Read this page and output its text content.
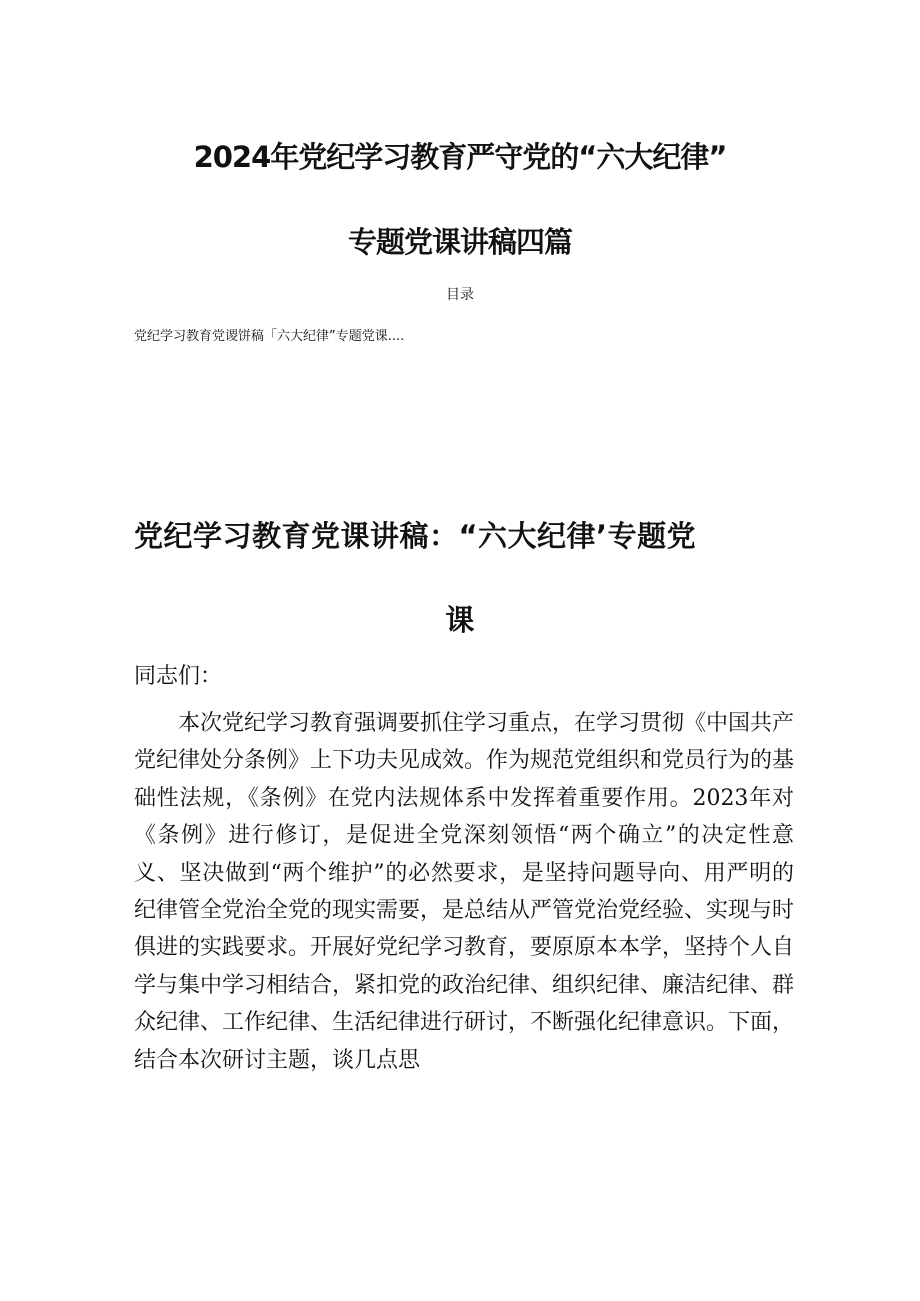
2024年党纪学习教育严守党的“六大纪律”
专题党课讲稿四篇
目录
党纪学习教育党谡饼稿「六大纪律”专题党课....
党纪学习教育党课讲稿：“六大纪律’专题党
课
同志们：
本次党纪学习教育强调要抓住学习重点，在学习贯彻《中国共产党纪律处分条例》上下功夫见成效。作为规范党组织和党员行为的基础性法规，《条例》在党内法规体系中发挥着重要作用。2023年对《条例》进行修订，是促进全党深刻领悟“两个确立”的决定性意义、坚决做到“两个维护”的必然要求，是坚持问题导向、用严明的纪律管全党治全党的现实需要，是总结从严管党治党经验、实现与时俱进的实践要求。开展好党纪学习教育，要原原本本学，坚持个人自学与集中学习相结合，紧扣党的政治纪律、组织纪律、廉洁纪律、群众纪律、工作纪律、生活纪律进行研讨，不断强化纪律意识。下面，结合本次研讨主题，谈几点思
